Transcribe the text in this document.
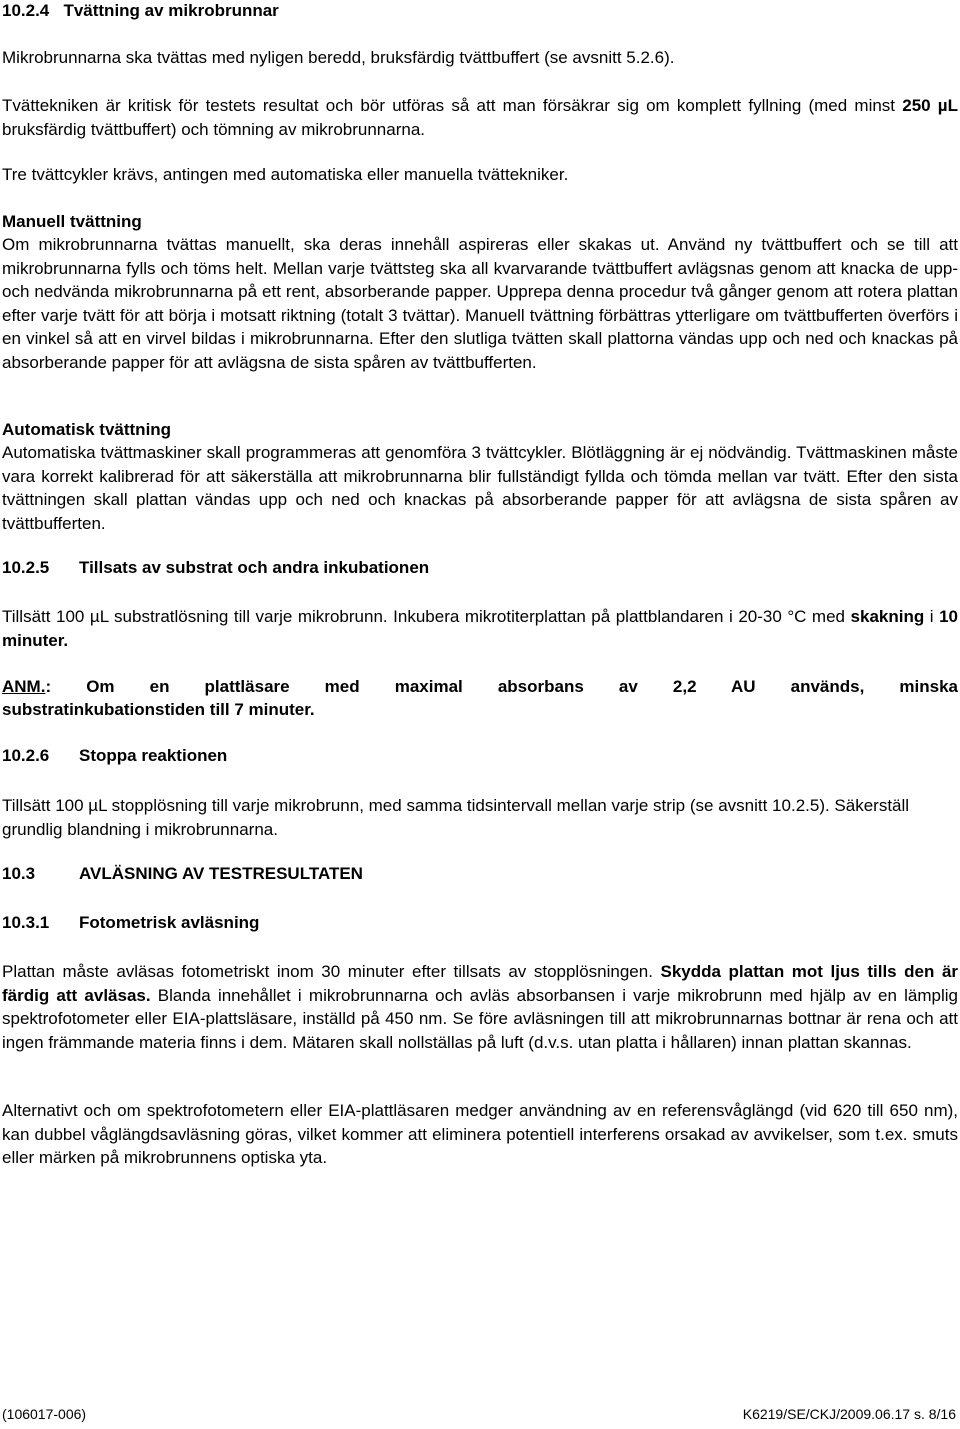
10.2.4 Tvättning av mikrobrunnar

Mikrobrunnarna ska tvättas med nyligen beredd, bruksfärdig tvättbuffert (se avsnitt 5.2.6).

Tvättekniken är kritisk för testets resultat och bör utföras så att man försäkrar sig om komplett fyllning (med minst 250 µL bruksfärdig tvättbuffert) och tömning av mikrobrunnarna.

Tre tvättcykler krävs, antingen med automatiska eller manuella tvättekniker.

Manuell tvättning

Om mikrobrunnarna tvättas manuellt, ska deras innehåll aspireras eller skakas ut. Använd ny tvättbuffert och se till att mikrobrunnarna fylls och töms helt. Mellan varje tvättsteg ska all kvarvarande tvättbuffert avlägsnas genom att knacka de upp- och nedvända mikrobrunnarna på ett rent, absorberande papper. Upprepa denna procedur två gånger genom att rotera plattan efter varje tvätt för att börja i motsatt riktning (totalt 3 tvättar). Manuell tvättning förbättras ytterligare om tvättbufferten överförs i en vinkel så att en virvel bildas i mikrobrunnarna. Efter den slutliga tvätten skall plattorna vändas upp och ned och knackas på absorberande papper för att avlägsna de sista spåren av tvättbufferten.

Automatisk tvättning

Automatiska tvättmaskiner skall programmeras att genomföra 3 tvättcykler. Blötläggning är ej nödvändig. Tvättmaskinen måste vara korrekt kalibrerad för att säkerställa att mikrobrunnarna blir fullständigt fyllda och tömda mellan var tvätt. Efter den sista tvättningen skall plattan vändas upp och ned och knackas på absorberande papper för att avlägsna de sista spåren av tvättbufferten.

10.2.5 Tillsats av substrat och andra inkubationen

Tillsätt 100 µL substratlösning till varje mikrobrunn. Inkubera mikrotiterplattan på plattblandaren i 20-30 °C med skakning i 10 minuter.

ANM.: Om en plattläsare med maximal absorbans av 2,2 AU används, minska

substratinkubationstiden till 7 minuter.

10.2.6 Stoppa reaktionen

Tillsätt 100 µL stopplösning till varje mikrobrunn, med samma tidsintervall mellan varje strip (se avsnitt 10.2.5). Säkerställ grundlig blandning i mikrobrunnarna.

10.3	AVLÄSNING AV TESTRESULTATEN
10.3.1 Fotometrisk avläsning

Plattan måste avläsas fotometriskt inom 30 minuter efter tillsats av stopplösningen. Skydda plattan mot ljus tills den är färdig att avläsas. Blanda innehållet i mikrobrunnarna och avläs absorbansen i varje mikrobrunn med hjälp av en lämplig spektrofotometer eller EIA-plattsläsare, inställd på 450 nm. Se före avläsningen till att mikrobrunnarnas bottnar är rena och att ingen främmande materia finns i dem. Mätaren skall nollställas på luft (d.v.s. utan platta i hållaren) innan plattan skannas.

Alternativt och om spektrofotometern eller EIA-plattläsaren medger användning av en referensvåglängd (vid 620 till 650 nm), kan dubbel våglängdsavläsning göras, vilket kommer att eliminera potentiell interferens orsakad av avvikelser, som t.ex. smuts eller märken på mikrobrunnens optiska yta.

(106017-006)	K6219/SE/CKJ/2009.06.17 s. 8/16
